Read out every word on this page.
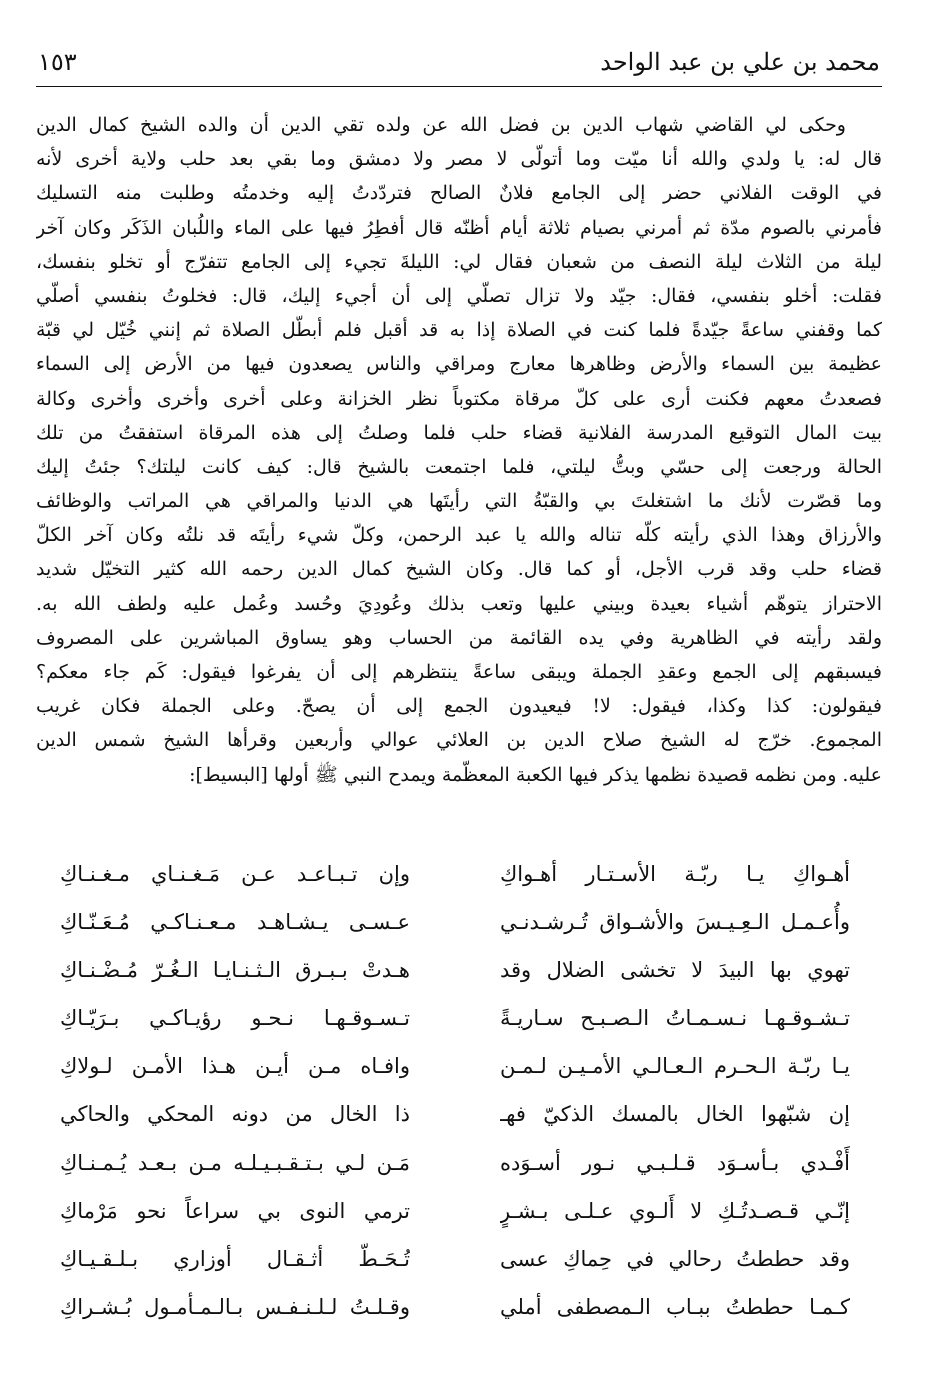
محمد بن علي بن عبد الواحد
١٥٣
وحكى لي القاضي شهاب الدين بن فضل الله عن ولده تقي الدين أن والده الشيخ كمال الدين
قال له: يا ولدي والله أنا ميّت وما أتولّى لا مصر ولا دمشق وما بقي بعد حلب ولاية أخرى لأنه
في الوقت الفلاني حضر إلى الجامع فلانٌ الصالح فتردّدتُ إليه وخدمتُه وطلبت منه التسليك
فأمرني بالصوم مدّة ثم أمرني بصيام ثلاثة أيام أظنّه قال أفطِرُ فيها على الماء واللُبان الذَكَر وكان آخر
ليلة من الثلاث ليلة النصف من شعبان فقال لي: الليلةَ تجيء إلى الجامع تتفرّج أو تخلو بنفسك،
فقلت: أخلو بنفسي، فقال: جيّد ولا تزال تصلّي إلى أن أجيء إليك، قال: فخلوتُ بنفسي أصلّي
كما وقفني ساعةً جيّدةً فلما كنت في الصلاة إذا به قد أقبل فلم أبطّل الصلاة ثم إنني خُيّل لي قبّة
عظيمة بين السماء والأرض وظاهرها معارج ومراقي والناس يصعدون فيها من الأرض إلى السماء
فصعدتُ معهم فكنت أرى على كلّ مرقاة مكتوباً نظر الخزانة وعلى أخرى وأخرى وأخرى وكالة
بيت المال التوقيع المدرسة الفلانية قضاء حلب فلما وصلتُ إلى هذه المرقاة استفقتُ من تلك
الحالة ورجعت إلى حسّي وبتُّ ليلتي، فلما اجتمعت بالشيخ قال: كيف كانت ليلتك؟ جئتُ إليك
وما قصّرت لأنك ما اشتغلتَ بي والقبّةُ التي رأيتَها هي الدنيا والمراقي هي المراتب والوظائف
والأرزاق وهذا الذي رأيته كلّه تناله والله يا عبد الرحمن، وكلّ شيء رأيتَه قد نلتُه وكان آخر الكلّ
قضاء حلب وقد قرب الأجل، أو كما قال. وكان الشيخ كمال الدين رحمه الله كثير التخيّل شديد
الاحتراز يتوهّم أشياء بعيدة وبيني عليها وتعب بذلك وعُودِيَ وحُسد وعُمل عليه ولطف الله به.
ولقد رأيته في الظاهرية وفي يده القائمة من الحساب وهو يساوق المباشرين على المصروف
فيسبقهم إلى الجمع وعقدِ الجملة ويبقى ساعةً ينتظرهم إلى أن يفرغوا فيقول: كَم جاء معكم؟
فيقولون: كذا وكذا، فيقول: لا! فيعيدون الجمع إلى أن يصحّ. وعلى الجملة فكان غريب
المجموع. خرّج له الشيخ صلاح الدين بن العلائي عوالي وأربعين وقرأها الشيخ شمس الدين
عليه. ومن نظمه قصيدة نظمها يذكر فيها الكعبة المعظّمة ويمدح النبي ﷺ أولها [البسيط]:
أهـواكِ يـا ربّـة الأسـتـار أهـواكِ
وإن تـبـاعـد عـن مَـغـنـاي مـغـنـاكِ
وأُعـمـل الـعِـيـسَ والأشـواق تُـرشـدنـي
عـسـى يـشـاهـد مـعـنـاكـي مُـعَـنّـاكِ
تهوي بها البيدَ لا تخشى الضلال وقد
هـدتْ بـبـرق الـثـنـايـا الـغُـرّ مُـضْـنـاكِ
تـشـوقـهـا نـسـمـاتُ الـصـبـح سـاريـةً
تـسـوقـهـا نـحـو رؤيـاكـي بـرَيّـاكِ
يـا ربّـة الـحـرم الـعـالـي الأمـيـن لـمـن
وافـاه مـن أيـن هـذا الأمـن لـولاكِ
إن شبّهوا الخال بالمسك الذكيّ فهـ
ذا الخال من دونه المحكي والحاكي
أَفْـدي بـأسـوَد قـلـبـي نـور أسـوَده
مَـن لـي بـتـقـبـيـلـه مـن بـعـد يُـمـنـاكِ
إنّـي قـصـدتُـكِ لا أَلـوي عـلـى بـشـرٍ
ترمي النوى بي سراعاً نحو مَرْماكِ
وقد حططتُ رحالي في حِماكِ عسى
تُـحَـطّ أثـقـال أوزاري بـلـقـيـاكِ
كـمـا حططتُ ببـاب الـمصطفى أملي
وقـلـتُ لـلـنـفـس بـالـمـأمـول بُـشـراكِ
